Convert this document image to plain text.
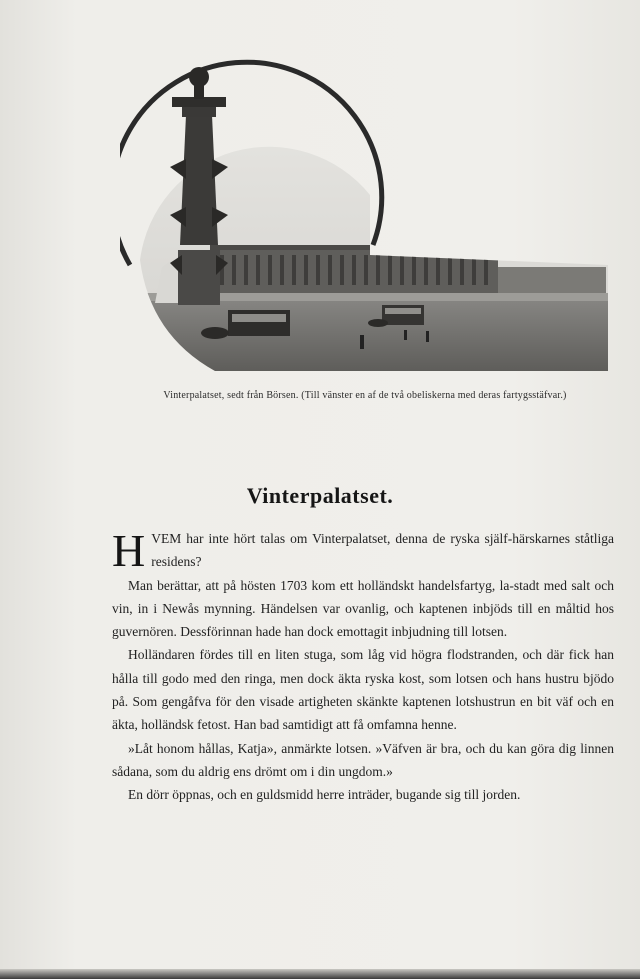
Vinterpalatset, sedt från Börsen. (Till vänster en af de två obeliskerna med deras fartygsstäfvar.)
Vinterpalatset.
H VEM har inte hört talas om Vinterpalatset, denna de ryska själf-härskarnes ståtliga residens?

Man berättar, att på hösten 1703 kom ett holländskt handelsfartyg, la-stadt med salt och vin, in i Newås mynning. Händelsen var ovanlig, och kaptenen inbjöds till en måltid hos guvernören. Dessförinnan hade han dock emottagit inbjudning till lotsen.

Holländaren fördes till en liten stuga, som låg vid högra flodstranden, och där fick han hålla till godo med den ringa, men dock äkta ryska kost, som lotsen och hans hustru bjödo på. Som gengåfva för den visade artigheten skänkte kaptenen lotshustrun en bit väf och en äkta, holländsk fetost. Han bad samtidigt att få omfamna henne.

»Låt honom hållas, Katja», anmärkte lotsen. »Väfven är bra, och du kan göra dig linnen sådana, som du aldrig ens drömt om i din ungdom.»

En dörr öppnas, och en guldsmidd herre inträder, bugande sig till jorden.
